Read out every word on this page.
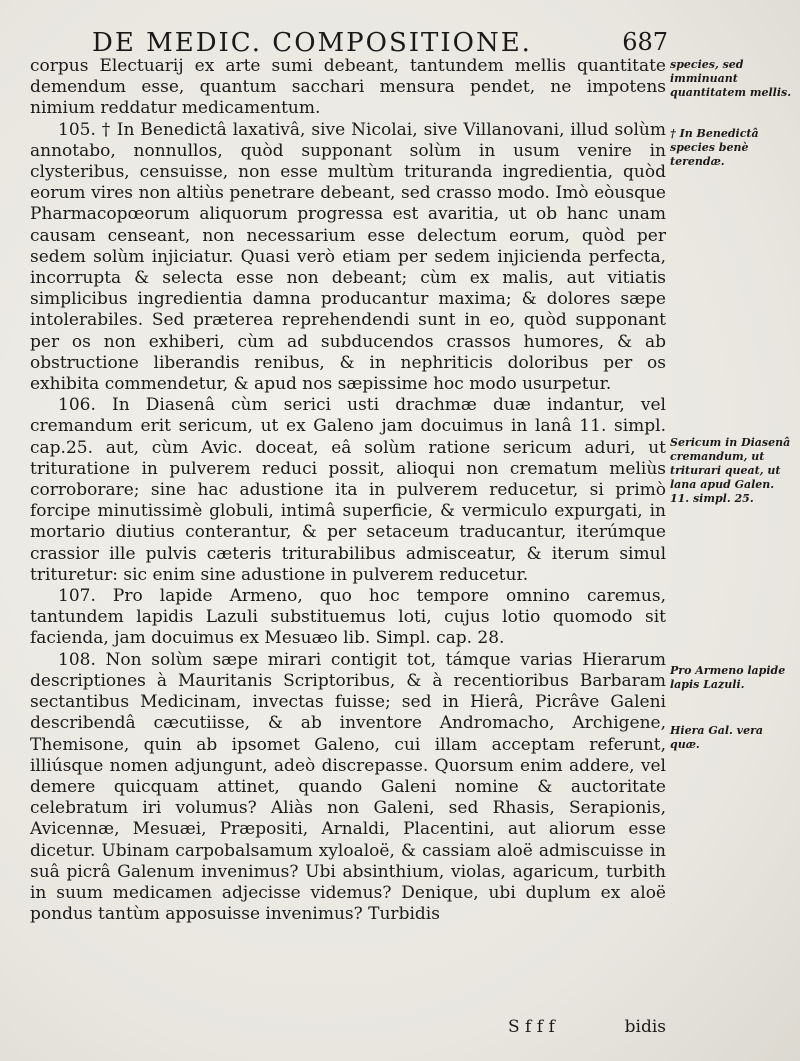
DE MEDIC. COMPOSITIONE.	687

corpus Electuarij ex arte sumi debeant, tantundem mellis quantitate demendum esse, quantum sacchari mensura pendet, ne impotens nimium reddatur medicamentum.

105. † In Benedictâ laxativâ, sive Nicolai, sive Villanovani, illud solùm annotabo, nonnullos, quòd supponant solùm in usum venire in clysteribus, censuisse, non esse multùm trituranda ingredientia, quòd eorum vires non altiùs penetrare debeant, sed crasso modo. Imò eòusque Pharmacopœorum aliquorum progressa est avaritia, ut ob hanc unam causam censeant, non necessarium esse delectum eorum, quòd per sedem solùm injiciatur. Quasi verò etiam per sedem injicienda perfecta, incorrupta & selecta esse non debeant; cùm ex malis, aut vitiatis simplicibus ingredientia damna producantur maxima; & dolores sæpe intolerabiles. Sed præterea reprehendendi sunt in eo, quòd supponant per os non exhiberi, cùm ad subducendos crassos humores, & ab obstructione liberandis renibus, & in nephriticis doloribus per os exhibita commendetur, & apud nos sæpissime hoc modo usurpetur.

106. In Diasenâ cùm serici usti drachmæ duæ indantur, vel cremandum erit sericum, ut ex Galeno jam docuimus in lanâ 11. simpl. cap.25. aut, cùm Avic. doceat, eâ solùm ratione sericum aduri, ut trituratione in pulverem reduci possit, alioqui non crematum meliùs corroborare; sine hac adustione ita in pulverem reducetur, si primò forcipe minutissimè globuli, intimâ superficie, & vermiculo expurgati, in mortario diutius conterantur, & per setaceum traducantur, iterúmque crassior ille pulvis cæteris triturabilibus admisceatur, & iterum simul trituretur: sic enim sine adustione in pulverem reducetur.

107. Pro lapide Armeno, quo hoc tempore omnino caremus, tantundem lapidis Lazuli substituemus loti, cujus lotio quomodo sit facienda, jam docuimus ex Mesuæo lib. Simpl. cap. 28.

108. Non solùm sæpe mirari contigit tot, támque varias Hierarum descriptiones à Mauritanis Scriptoribus, & à recentioribus Barbaram sectantibus Medicinam, invectas fuisse; sed in Hierâ, Picrâve Galeni describendâ cæcutiisse, & ab inventore Andromacho, Archigene, Themisone, quin ab ipsomet Galeno, cui illam acceptam referunt, illiúsque nomen adjungunt, adeò discrepasse. Quorsum enim addere, vel demere quicquam attinet, quando Galeni nomine & auctoritate celebratum iri volumus? Aliàs non Galeni, sed Rhasis, Serapionis, Avicennæ, Mesuæi, Præpositi, Arnaldi, Placentini, aut aliorum esse dicetur. Ubinam carpobalsamum xyloaloë, & cassiam aloë admiscuisse in suâ picrâ Galenum invenimus? Ubi absinthium, violas, agaricum, turbith in suum medicamen adjecisse videmus? Denique, ubi duplum ex aloë pondus tantùm apposuisse invenimus? Turbidis

species, sed imminuant quantitatem mellis.
† In Benedictâ species benè terendæ.
Sericum in Diasenâ cremandum, ut triturari queat, ut lana apud Galen. 11. simpl. 25.
Pro Armeno lapide lapis Lazuli.
Hiera Gal. vera quæ.
S f f f	bidis
